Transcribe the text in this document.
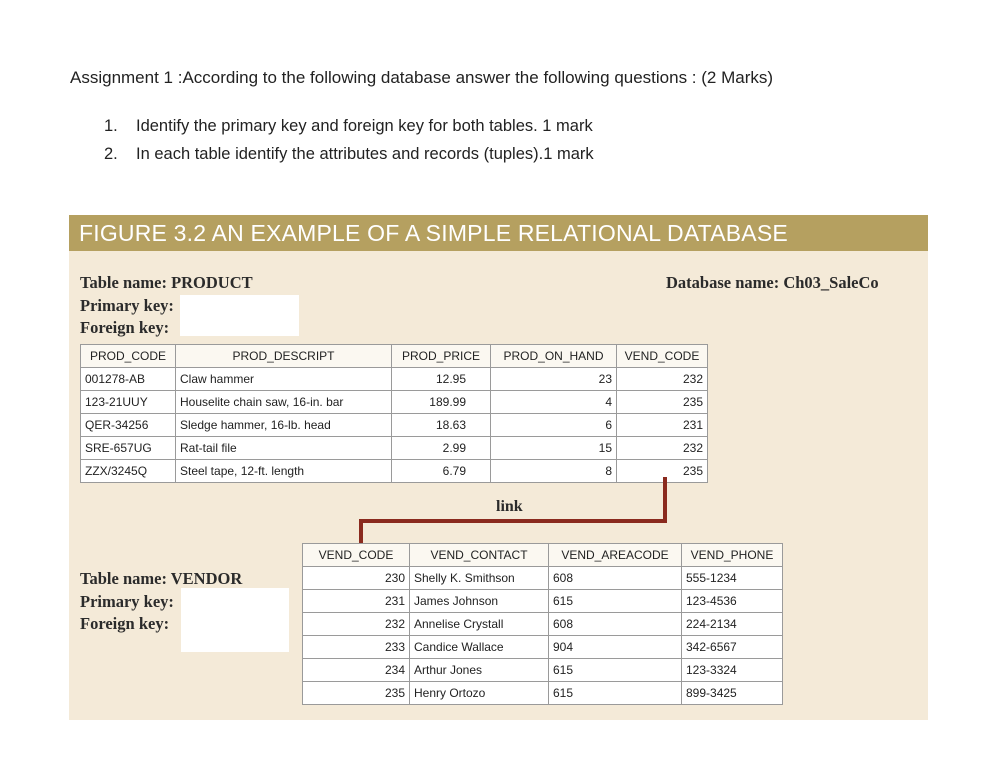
Assignment 1 :According to the following database answer the following questions : (2 Marks)
1. Identify the primary key and foreign key for both tables. 1 mark
2. In each table identify the attributes and records (tuples).1 mark
FIGURE 3.2 AN EXAMPLE OF A SIMPLE RELATIONAL DATABASE
Table name: PRODUCT	Database name: Ch03_SaleCo
Primary key:
Foreign key:
PROD_CODE	PROD_DESCRIPT	PROD_PRICE	PROD_ON_HAND	VEND_CODE
001278-AB	Claw hammer	12.95	23	232
123-21UUY	Houselite chain saw, 16-in. bar	189.99	4	235
QER-34256	Sledge hammer, 16-lb. head	18.63	6	231
SRE-657UG	Rat-tail file	2.99	15	232
ZZX/3245Q	Steel tape, 12-ft. length	6.79	8	235
link
Table name: VENDOR
Primary key:
Foreign key:
VEND_CODE	VEND_CONTACT	VEND_AREACODE	VEND_PHONE
230	Shelly K. Smithson	608	555-1234
231	James Johnson	615	123-4536
232	Annelise Crystall	608	224-2134
233	Candice Wallace	904	342-6567
234	Arthur Jones	615	123-3324
235	Henry Ortozo	615	899-3425
